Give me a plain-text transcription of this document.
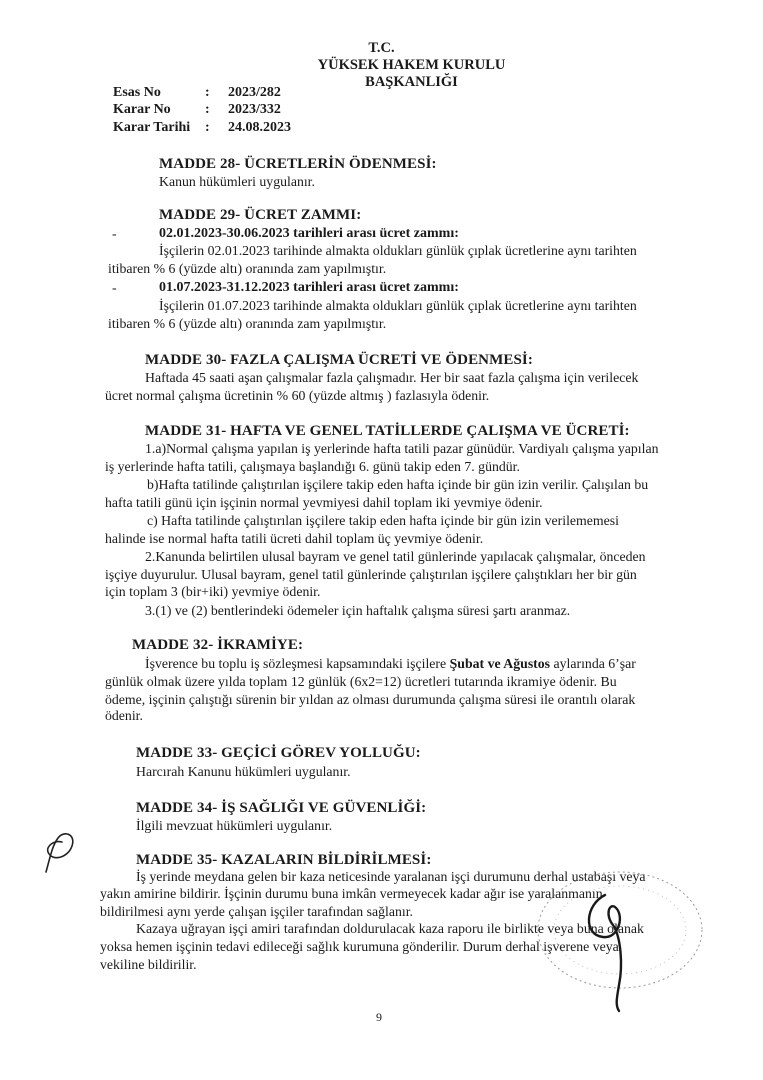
T.C.
YÜKSEK HAKEM KURULU
BAŞKANLIĞI
Esas No	: 2023/282
Karar No : 2023/332
Karar Tarihi : 24.08.2023
MADDE 28- ÜCRETLERİN ÖDENMESİ:
Kanun hükümleri uygulanır.
MADDE 29- ÜCRET ZAMMI:
-	02.01.2023-30.06.2023 tarihleri arası ücret zammı:
İşçilerin 02.01.2023 tarihinde almakta oldukları günlük çıplak ücretlerine aynı tarihten
itibaren % 6 (yüzde altı) oranında zam yapılmıştır.
-	01.07.2023-31.12.2023 tarihleri arası ücret zammı:
İşçilerin 01.07.2023 tarihinde almakta oldukları günlük çıplak ücretlerine aynı tarihten
itibaren % 6 (yüzde altı) oranında zam yapılmıştır.
MADDE 30- FAZLA ÇALIŞMA ÜCRETİ VE ÖDENMESİ:
Haftada 45 saati aşan çalışmalar fazla çalışmadır. Her bir saat fazla çalışma için verilecek
ücret normal çalışma ücretinin % 60 (yüzde altmış ) fazlasıyla ödenir.
MADDE 31- HAFTA VE GENEL TATİLLERDE ÇALIŞMA VE ÜCRETİ:
1.a)Normal çalışma yapılan iş yerlerinde hafta tatili pazar günüdür. Vardiyalı çalışma yapılan
iş yerlerinde hafta tatili, çalışmaya başlandığı 6. günü takip eden 7. gündür.
b)Hafta tatilinde çalıştırılan işçilere takip eden hafta içinde bir gün izin verilir. Çalışılan bu
hafta tatili günü için işçinin normal yevmiyesi dahil toplam iki yevmiye ödenir.
c) Hafta tatilinde çalıştırılan işçilere takip eden hafta içinde bir gün izin verilememesi
halinde ise normal hafta tatili ücreti dahil toplam üç yevmiye ödenir.
2.Kanunda belirtilen ulusal bayram ve genel tatil günlerinde yapılacak çalışmalar, önceden
işçiye duyurulur. Ulusal bayram, genel tatil günlerinde çalıştırılan işçilere çalıştıkları her bir gün
için toplam 3 (bir+iki) yevmiye ödenir.
3.(1) ve (2) bentlerindeki ödemeler için haftalık çalışma süresi şartı aranmaz.
MADDE 32- İKRAMİYE:
İşverence bu toplu iş sözleşmesi kapsamındaki işçilere Şubat ve Ağustos aylarında 6’şar
günlük olmak üzere yılda toplam 12 günlük (6x2=12) ücretleri tutarında ikramiye ödenir. Bu
ödeme, işçinin çalıştığı sürenin bir yıldan az olması durumunda çalışma süresi ile orantılı olarak
ödenir.
MADDE 33- GEÇİCİ GÖREV YOLLUĞU:
Harcırah Kanunu hükümleri uygulanır.
MADDE 34- İŞ SAĞLIĞI VE GÜVENLİĞİ:
İlgili mevzuat hükümleri uygulanır.
MADDE 35- KAZALARIN BİLDİRİLMESİ:
İş yerinde meydana gelen bir kaza neticesinde yaralanan işçi durumunu derhal ustabaşı veya
yakın amirine bildirir. İşçinin durumu buna imkân vermeyecek kadar ağır ise yaralanmanın
bildirilmesi aynı yerde çalışan işçiler tarafından sağlanır.
Kazaya uğrayan işçi amiri tarafından doldurulacak kaza raporu ile birlikte veya buna olanak
yoksa hemen işçinin tedavi edileceği sağlık kurumuna gönderilir. Durum derhal işverene veya
vekiline bildirilir.
9
